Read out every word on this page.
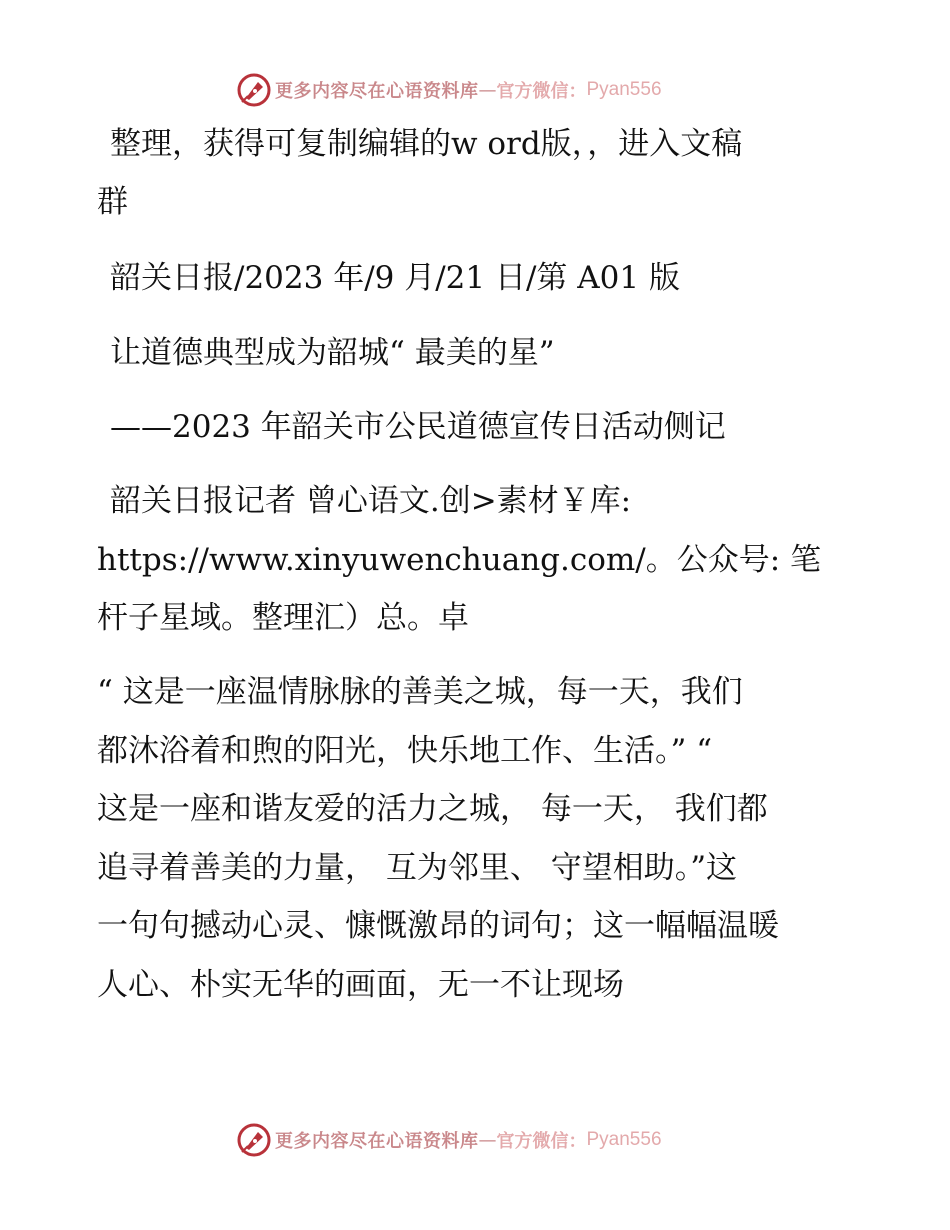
更多内容尽在心语资料库 — 官方微信： Pyan556
整理，获得可复制编辑的w ord版，，进入文稿
群
韶关日报/2023 年/9 月/21 日/第 A01 版
让道德典型成为韶城“ 最美的星”
——2023 年韶关市公民道德宣传日活动侧记
韶关日报记者 曾心语文.创>素材￥库:
https://www.xinyuwenchuang.com/。公众号: 笔
杆子星域。整理汇）总。卓
“ 这是一座温情脉脉的善美之城，每一天，我们
都沐浴着和煦的阳光，快乐地工作、生活。” “
这是一座和谐友爱的活力之城， 每一天， 我们都
追寻着善美的力量， 互为邻里、 守望相助。”这
一句句撼动心灵、慷慨激昂的词句；这一幅幅温暖
人心、朴实无华的画面，无一不让现场
更多内容尽在心语资料库 — 官方微信： Pyan556
